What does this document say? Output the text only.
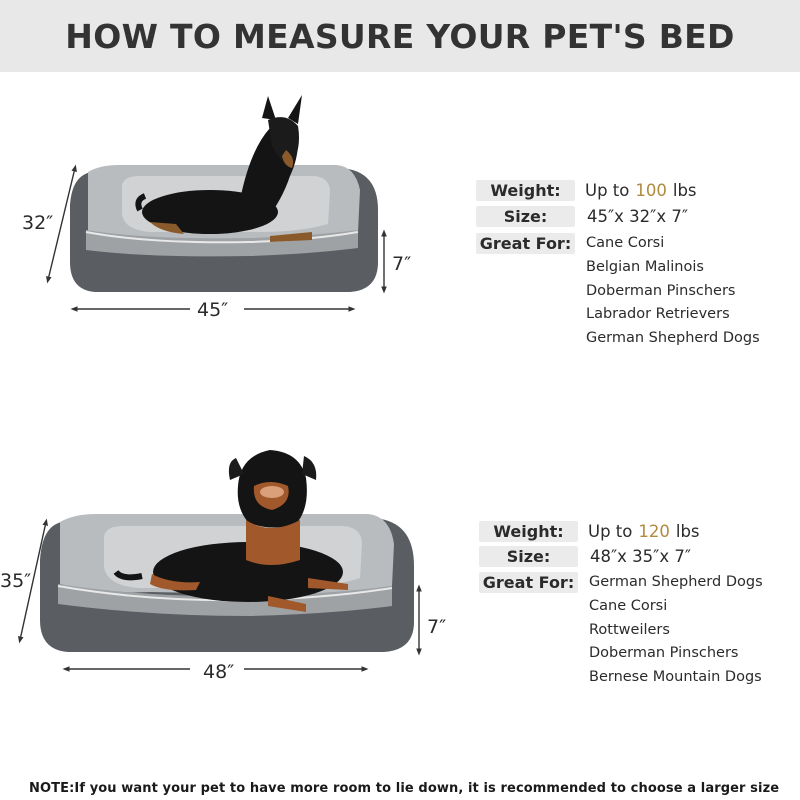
HOW TO MEASURE YOUR PET'S BED
32″
45″
7″
35″
48″
7″
Weight:	Up to 100 lbs
Size:	45″x 32″x 7″
Great For: Cane Corsi
Belgian Malinois
Doberman Pinschers
Labrador Retrievers
German Shepherd Dogs
Weight:	Up to 120 lbs
Size:	48″x 35″x 7″
Great For: German Shepherd Dogs
Cane Corsi
Rottweilers
Doberman Pinschers
Bernese Mountain Dogs
NOTE:If you want your pet to have more room to lie down, it is recommended to choose a larger size
